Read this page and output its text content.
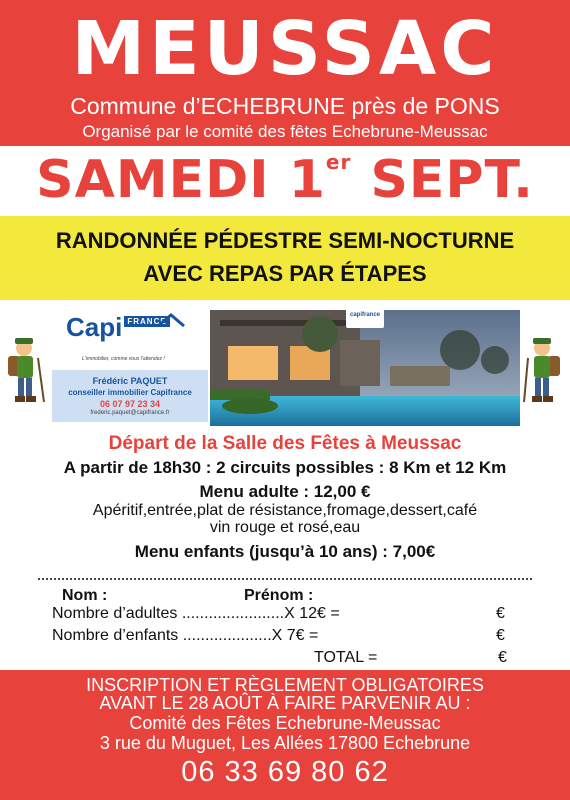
MEUSSAC
Commune d’ECHEBRUNE près de PONS
Organisé par le comité des fêtes Echebrune-Meussac
SAMEDI 1er SEPT.
RANDONNÉE PÉDESTRE SEMI-NOCTURNE
AVEC REPAS PAR ÉTAPES
Capi $^{FRANCE}$
L'immobilier, comme vous l'attendez !
Frédéric PAQUET
conseiller immobilier Capifrance
06 07 97 23 34
frederic.paquet@capifrance.fr
capifrance
Départ de la Salle des Fêtes à Meussac
A partir de 18h30 : 2 circuits possibles : 8 Km et 12 Km
Menu adulte : 12,00 €
Apéritif,entrée,plat de résistance,fromage,dessert,café
vin rouge et rosé,eau
Menu enfants (jusqu’à 10 ans) : 7,00€
Nom :	Prénom :
Nombre d’adultes .......................X 12€ =	€
Nombre d’enfants ....................X 7€ =	€
TOTAL =	€
INSCRIPTION ET RÈGLEMENT OBLIGATOIRES
AVANT LE 28 AOÛT À FAIRE PARVENIR AU :
Comité des Fêtes Echebrune-Meussac
3 rue du Muguet, Les Allées 17800 Echebrune
06 33 69 80 62
